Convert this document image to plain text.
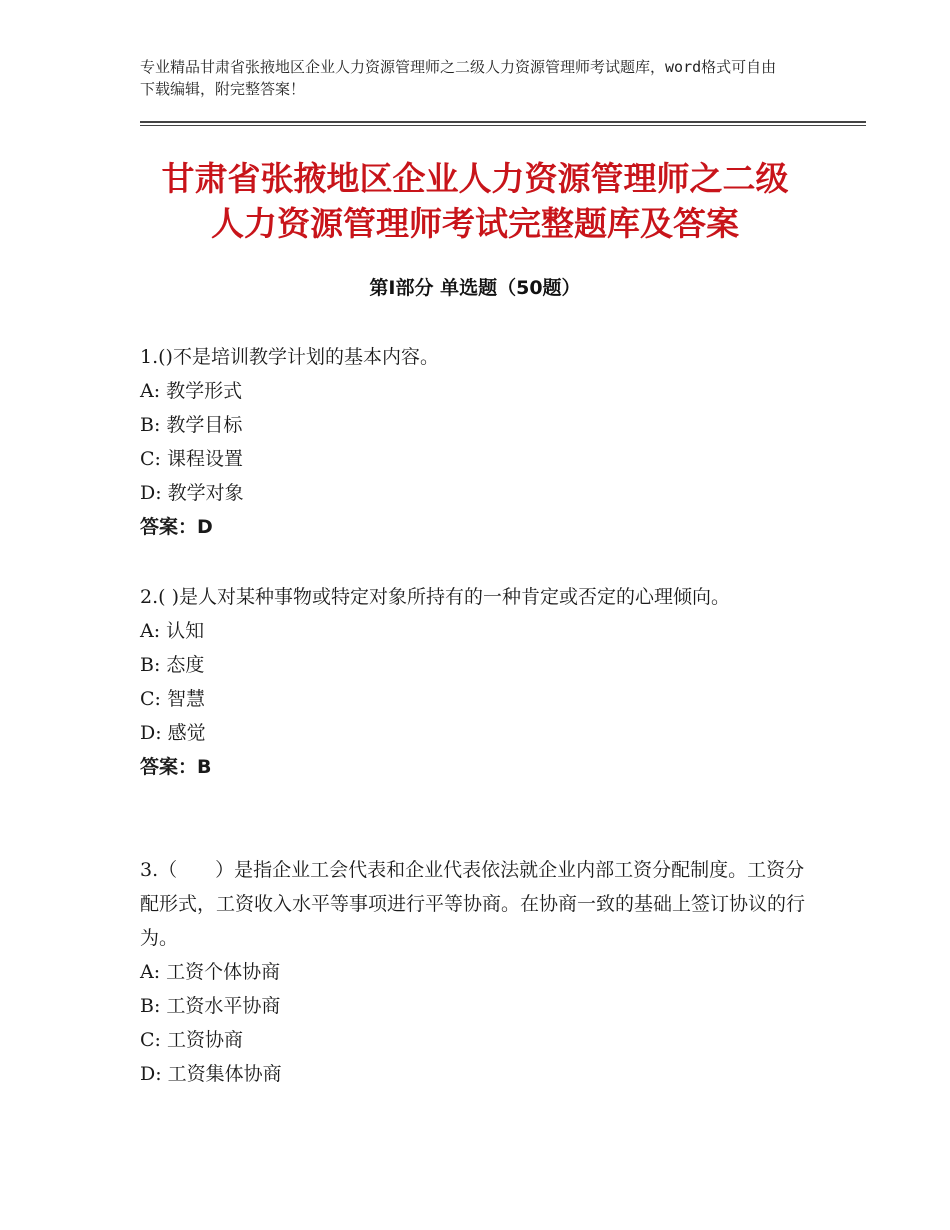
专业精品甘肃省张掖地区企业人力资源管理师之二级人力资源管理师考试题库，word格式可自由下载编辑，附完整答案！
甘肃省张掖地区企业人力资源管理师之二级
人力资源管理师考试完整题库及答案
第Ⅰ部分 单选题（50题）

1.()不是培训教学计划的基本内容。

A: 教学形式

B: 教学目标

C: 课程设置

D: 教学对象

答案：D

2.( )是人对某种事物或特定对象所持有的一种肯定或否定的心理倾向。

A: 认知

B: 态度

C: 智慧

D: 感觉

答案：B

3.（　　）是指企业工会代表和企业代表依法就企业内部工资分配制度。工资分配形式，工资收入水平等事项进行平等协商。在协商一致的基础上签订协议的行为。

A: 工资个体协商

B: 工资水平协商

C: 工资协商

D: 工资集体协商
